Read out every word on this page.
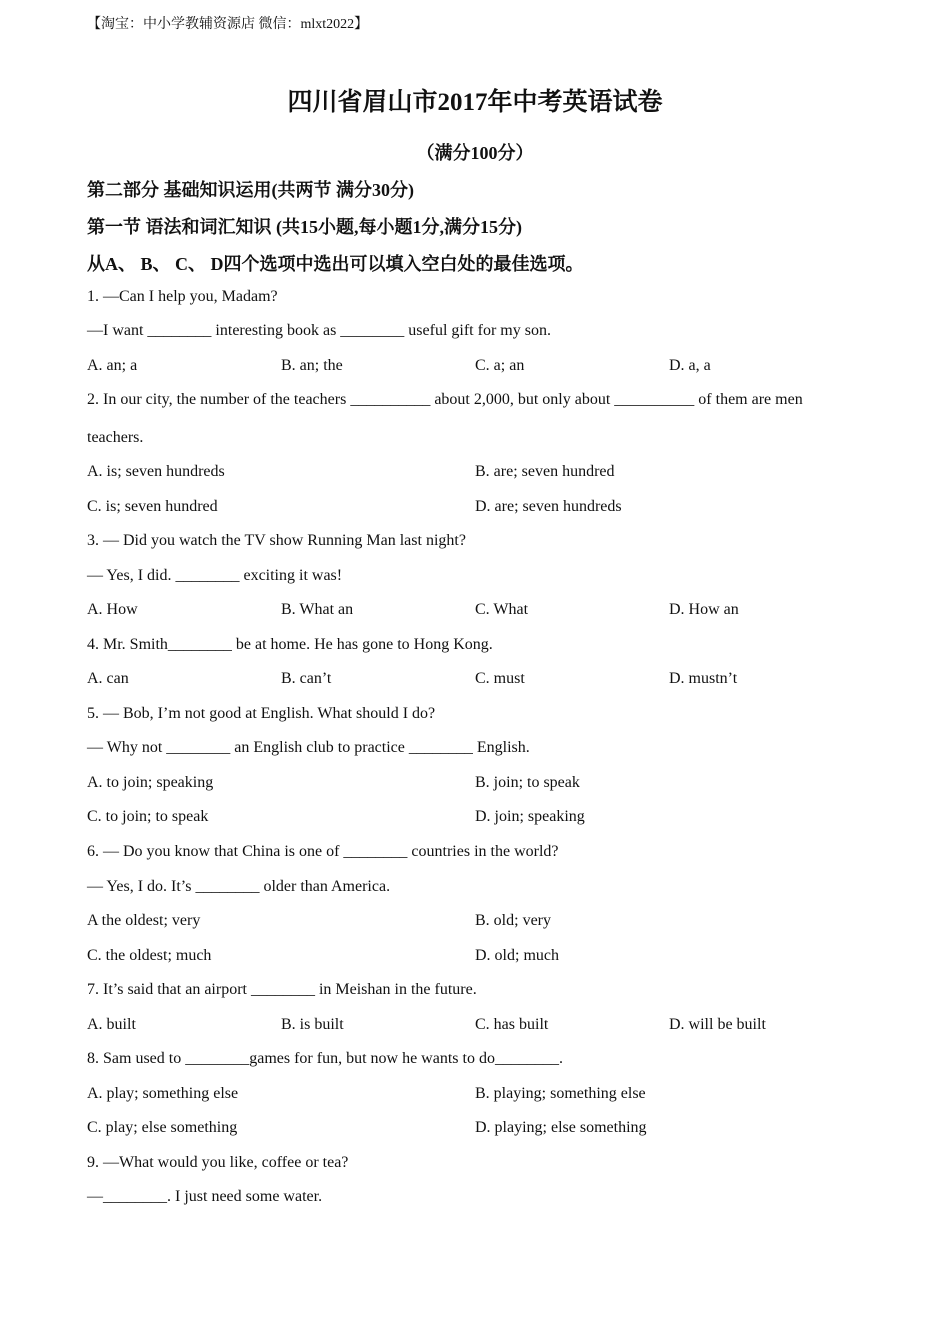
【淘宝：中小学教辅资源店 微信：mlxt2022】
四川省眉山市2017年中考英语试卷
（满分100分）
第二部分 基础知识运用(共两节 满分30分)
第一节 语法和词汇知识 (共15小题,每小题1分,满分15分)
从A、 B、 C、 D四个选项中选出可以填入空白处的最佳选项。
1. —Can I help you, Madam?
—I want ________ interesting book as ________ useful gift for my son.
A. an; a	B. an; the	C. a; an	D. a, a
2. In our city, the number of the teachers __________ about 2,000, but only about __________ of them are men
teachers.
A. is; seven hundreds	B. are; seven hundred
C. is; seven hundred	D. are; seven hundreds
3. — Did you watch the TV show Running Man last night?
— Yes, I did. ________ exciting it was!
A. How	B. What an	C. What	D. How an
4. Mr. Smith________ be at home. He has gone to Hong Kong.
A. can	B. can’t	C. must	D. mustn’t
5. — Bob, I’m not good at English. What should I do?
— Why not ________ an English club to practice ________ English.
A. to join; speaking	B. join; to speak
C. to join; to speak	D. join; speaking
6. — Do you know that China is one of ________ countries in the world?
— Yes, I do. It’s ________ older than America.
A the oldest; very	B. old; very
C. the oldest; much	D. old; much
7. It’s said that an airport ________ in Meishan in the future.
A. built	B. is built	C. has built	D. will be built
8. Sam used to ________games for fun, but now he wants to do________.
A. play; something else	B. playing; something else
C. play; else something	D. playing; else something
9. —What would you like, coffee or tea?
—________. I just need some water.
